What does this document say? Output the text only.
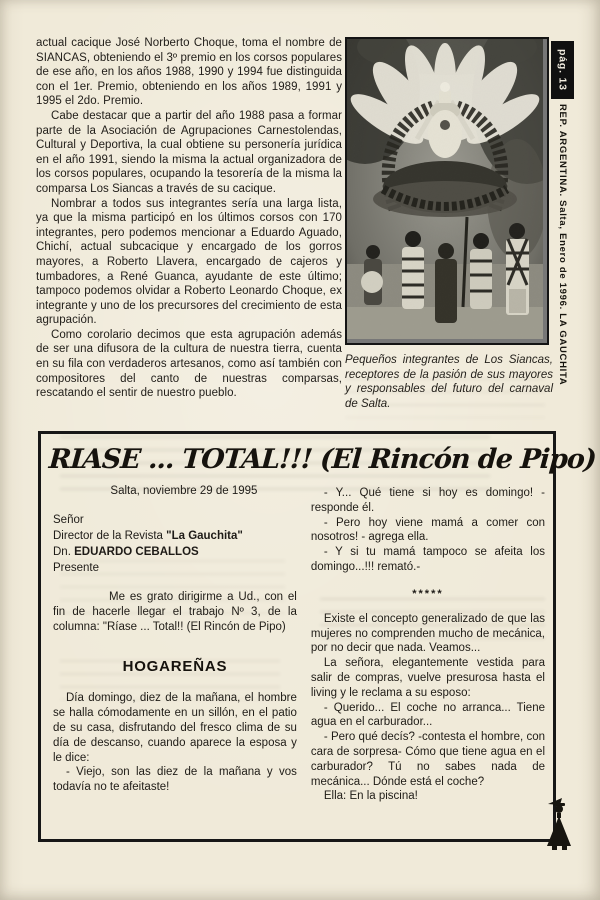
actual cacique José Norberto Choque, toma el nombre de SIANCAS, obteniendo el 3º premio en los corsos populares de ese año, en los años 1988, 1990 y 1994 fue distinguida con el 1er. Premio, obteniendo en los años 1989, 1991 y 1995 el 2do. Premio.

Cabe destacar que a partir del año 1988 pasa a formar parte de la Asociación de Agrupaciones Carnestolendas, Cultural y Deportiva, la cual obtiene su personería jurídica en el año 1991, siendo la misma la actual organizadora de los corsos populares, ocupando la tesorería de la misma la comparsa Los Siancas a través de su cacique.

Nombrar a todos sus integrantes sería una larga lista, ya que la misma participó en los últimos corsos con 170 integrantes, pero podemos mencionar a Eduardo Aguado, Chichí, actual subcacique y encargado de los gorros mayores, a Roberto Llavera, encargado de cajeros y tumbadores, a René Guanca, ayudante de este último; tampoco podemos olvidar a Roberto Leonardo Choque, ex integrante y uno de los precursores del crecimiento de esta agrupación.

Como corolario decimos que esta agrupación además de ser una difusora de la cultura de nuestra tierra, cuenta en su fila con verdaderos artesanos, como así también con compositores del canto de nuestras comparsas, rescatando el sentir de nuestro pueblo.

Pequeños integrantes de Los Siancas, receptores de la pasión de sus mayores y responsables del futuro del carnaval de Salta.
pág. 13
REP. ARGENTINA. Salta, Enero de 1996. LA GAUCHITA
RIASE ... TOTAL!!! (El Rincón de Pipo)
Salta, noviembre 29 de 1995
Señor
Director de la Revista "La Gauchita"
Dn. EDUARDO CEBALLOS
Presente

Me es grato dirigirme a Ud., con el fin de hacerle llegar el trabajo Nº 3, de la columna: "Ríase ... Total!! (El Rincón de Pipo)

HOGAREÑAS

Día domingo, diez de la mañana, el hombre se halla cómodamente en un sillón, en el patio de su casa, disfrutando del fresco clima de su día de descanso, cuando aparece la esposa y le dice:

- Viejo, son las diez de la mañana y vos todavía no te afeitaste!

- Y... Qué tiene si hoy es domingo! - responde él.

- Pero hoy viene mamá a comer con nosotros! - agrega ella.

- Y si tu mamá tampoco se afeita los domingo...!!! remató.-

*****

Existe el concepto generalizado de que las mujeres no comprenden mucho de mecánica, por no decir que nada. Veamos...

La señora, elegantemente vestida para salir de compras, vuelve presurosa hasta el living y le reclama a su esposo:

- Querido... El coche no arranca... Tiene agua en el carburador...

- Pero qué decís? -contesta el hombre, con cara de sorpresa- Cómo que tiene agua en el carburador? Tú no sabes nada de mecánica... Dónde está el coche?

Ella: En la piscina!
